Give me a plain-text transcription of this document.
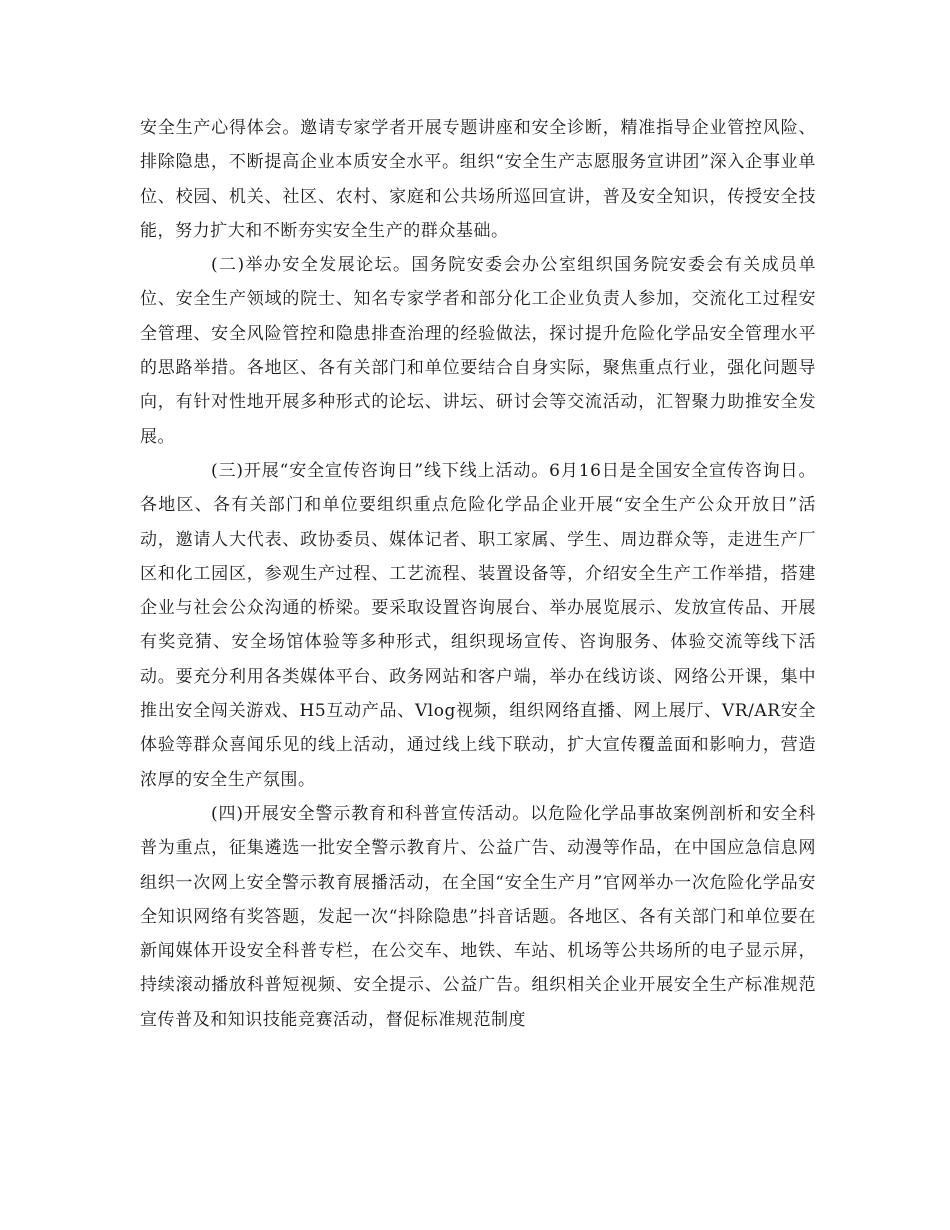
安全生产心得体会。邀请专家学者开展专题讲座和安全诊断，精准指导企业管控风险、排除隐患，不断提高企业本质安全水平。组织“安全生产志愿服务宣讲团”深入企事业单位、校园、机关、社区、农村、家庭和公共场所巡回宣讲，普及安全知识，传授安全技能，努力扩大和不断夯实安全生产的群众基础。

(二)举办安全发展论坛。国务院安委会办公室组织国务院安委会有关成员单位、安全生产领域的院士、知名专家学者和部分化工企业负责人参加，交流化工过程安全管理、安全风险管控和隐患排查治理的经验做法，探讨提升危险化学品安全管理水平的思路举措。各地区、各有关部门和单位要结合自身实际，聚焦重点行业，强化问题导向，有针对性地开展多种形式的论坛、讲坛、研讨会等交流活动，汇智聚力助推安全发展。

(三)开展“安全宣传咨询日”线下线上活动。6月16日是全国安全宣传咨询日。各地区、各有关部门和单位要组织重点危险化学品企业开展“安全生产公众开放日”活动，邀请人大代表、政协委员、媒体记者、职工家属、学生、周边群众等，走进生产厂区和化工园区，参观生产过程、工艺流程、装置设备等，介绍安全生产工作举措，搭建企业与社会公众沟通的桥梁。要采取设置咨询展台、举办展览展示、发放宣传品、开展有奖竞猜、安全场馆体验等多种形式，组织现场宣传、咨询服务、体验交流等线下活动。要充分利用各类媒体平台、政务网站和客户端，举办在线访谈、网络公开课，集中推出安全闯关游戏、H5互动产品、Vlog视频，组织网络直播、网上展厅、VR/AR安全体验等群众喜闻乐见的线上活动，通过线上线下联动，扩大宣传覆盖面和影响力，营造浓厚的安全生产氛围。

(四)开展安全警示教育和科普宣传活动。以危险化学品事故案例剖析和安全科普为重点，征集遴选一批安全警示教育片、公益广告、动漫等作品，在中国应急信息网组织一次网上安全警示教育展播活动，在全国“安全生产月”官网举办一次危险化学品安全知识网络有奖答题，发起一次“抖除隐患”抖音话题。各地区、各有关部门和单位要在新闻媒体开设安全科普专栏，在公交车、地铁、车站、机场等公共场所的电子显示屏，持续滚动播放科普短视频、安全提示、公益广告。组织相关企业开展安全生产标准规范宣传普及和知识技能竞赛活动，督促标准规范制度
